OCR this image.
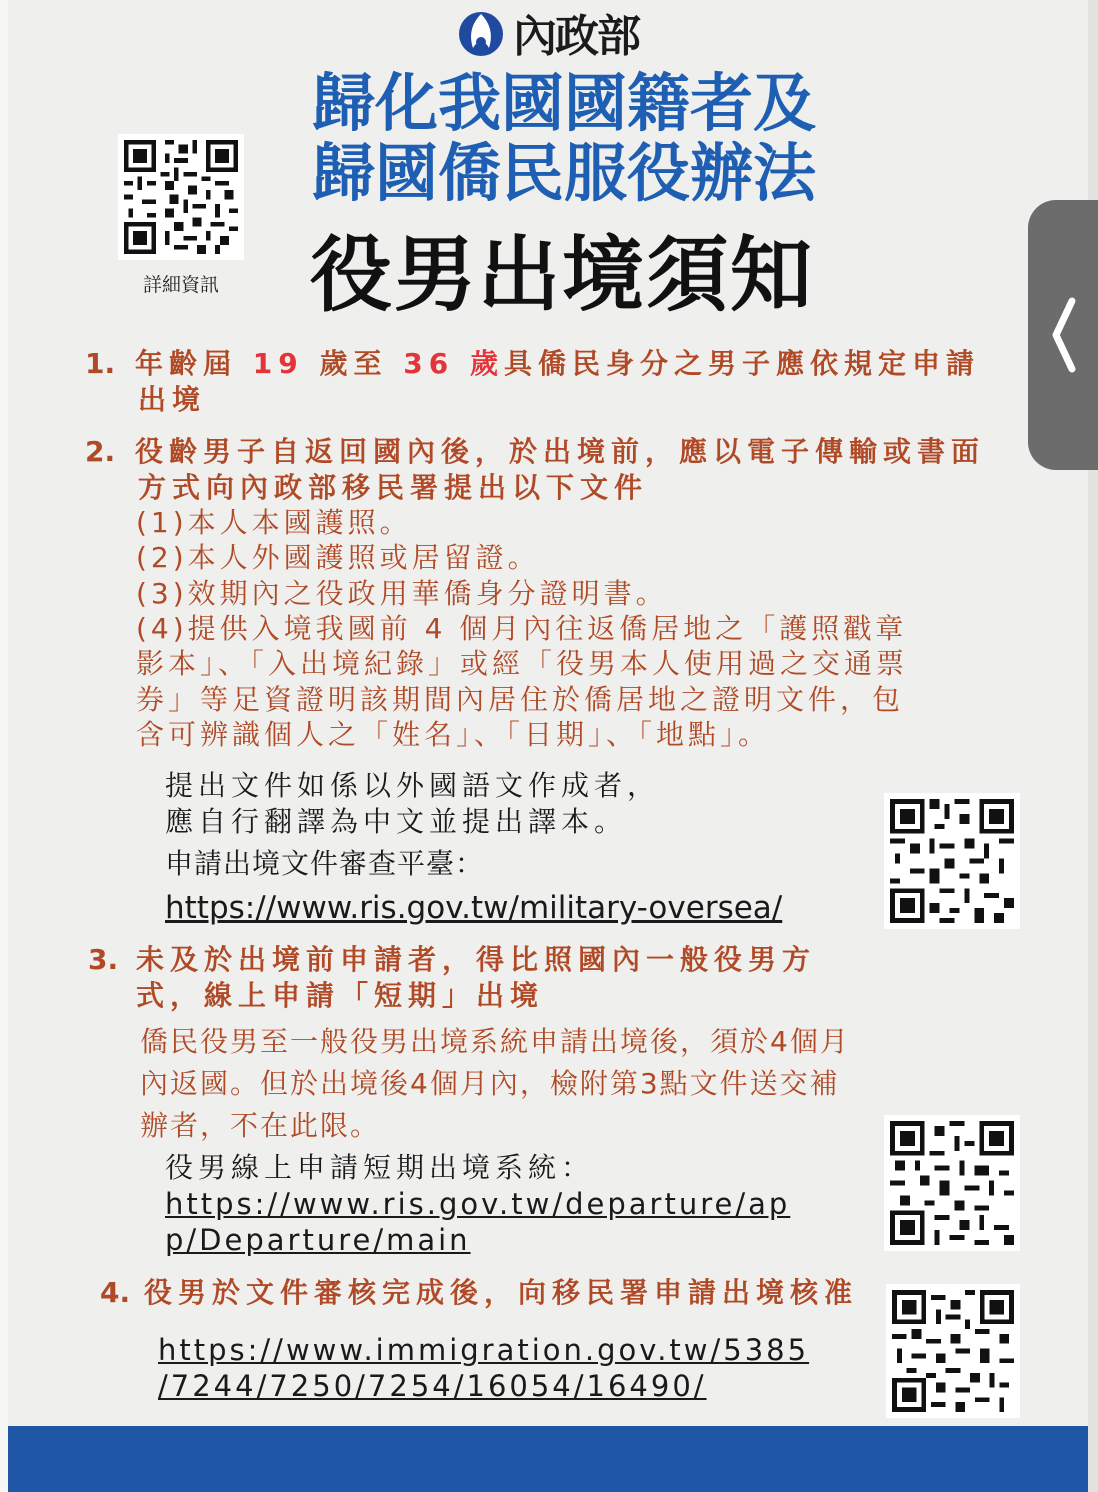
內政部
歸化我國國籍者及
歸國僑民服役辦法
役男出境須知
詳細資訊
1. 年齡屆 19 歲至 36 歲具僑民身分之男子應依規定申請
出境
2. 役齡男子自返回國內後，於出境前，應以電子傳輸或書面
方式向內政部移民署提出以下文件
(1)本人本國護照。
(2)本人外國護照或居留證。
(3)效期內之役政用華僑身分證明書。
(4)提供入境我國前 4 個月內往返僑居地之「護照戳章
影本」、「入出境紀錄」或經「役男本人使用過之交通票
券」等足資證明該期間內居住於僑居地之證明文件，包
含可辨識個人之「姓名」、「日期」、「地點」。
提出文件如係以外國語文作成者，
應自行翻譯為中文並提出譯本。
申請出境文件審查平臺：
https://www.ris.gov.tw/military-oversea/
3. 未及於出境前申請者，得比照國內一般役男方
式，線上申請「短期」出境
僑民役男至一般役男出境系統申請出境後，須於4個月
內返國。但於出境後4個月內，檢附第3點文件送交補
辦者，不在此限。
役男線上申請短期出境系統：
https://www.ris.gov.tw/departure/ap
p/Departure/main
4. 役男於文件審核完成後，向移民署申請出境核准
https://www.immigration.gov.tw/5385
/7244/7250/7254/16054/16490/
